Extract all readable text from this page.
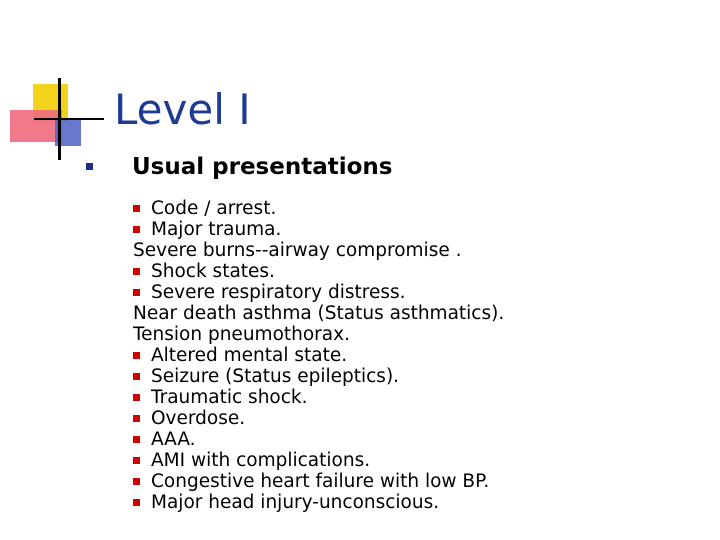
Level I
Usual presentations
Code / arrest.
Major trauma.
Severe burns--airway compromise .
Shock states.
Severe respiratory distress.
Near death asthma (Status asthmatics).
Tension pneumothorax.
Altered mental state.
Seizure (Status epileptics).
Traumatic shock.
Overdose.
AAA.
AMI with complications.
Congestive heart failure with low BP.
Major head injury-unconscious.
